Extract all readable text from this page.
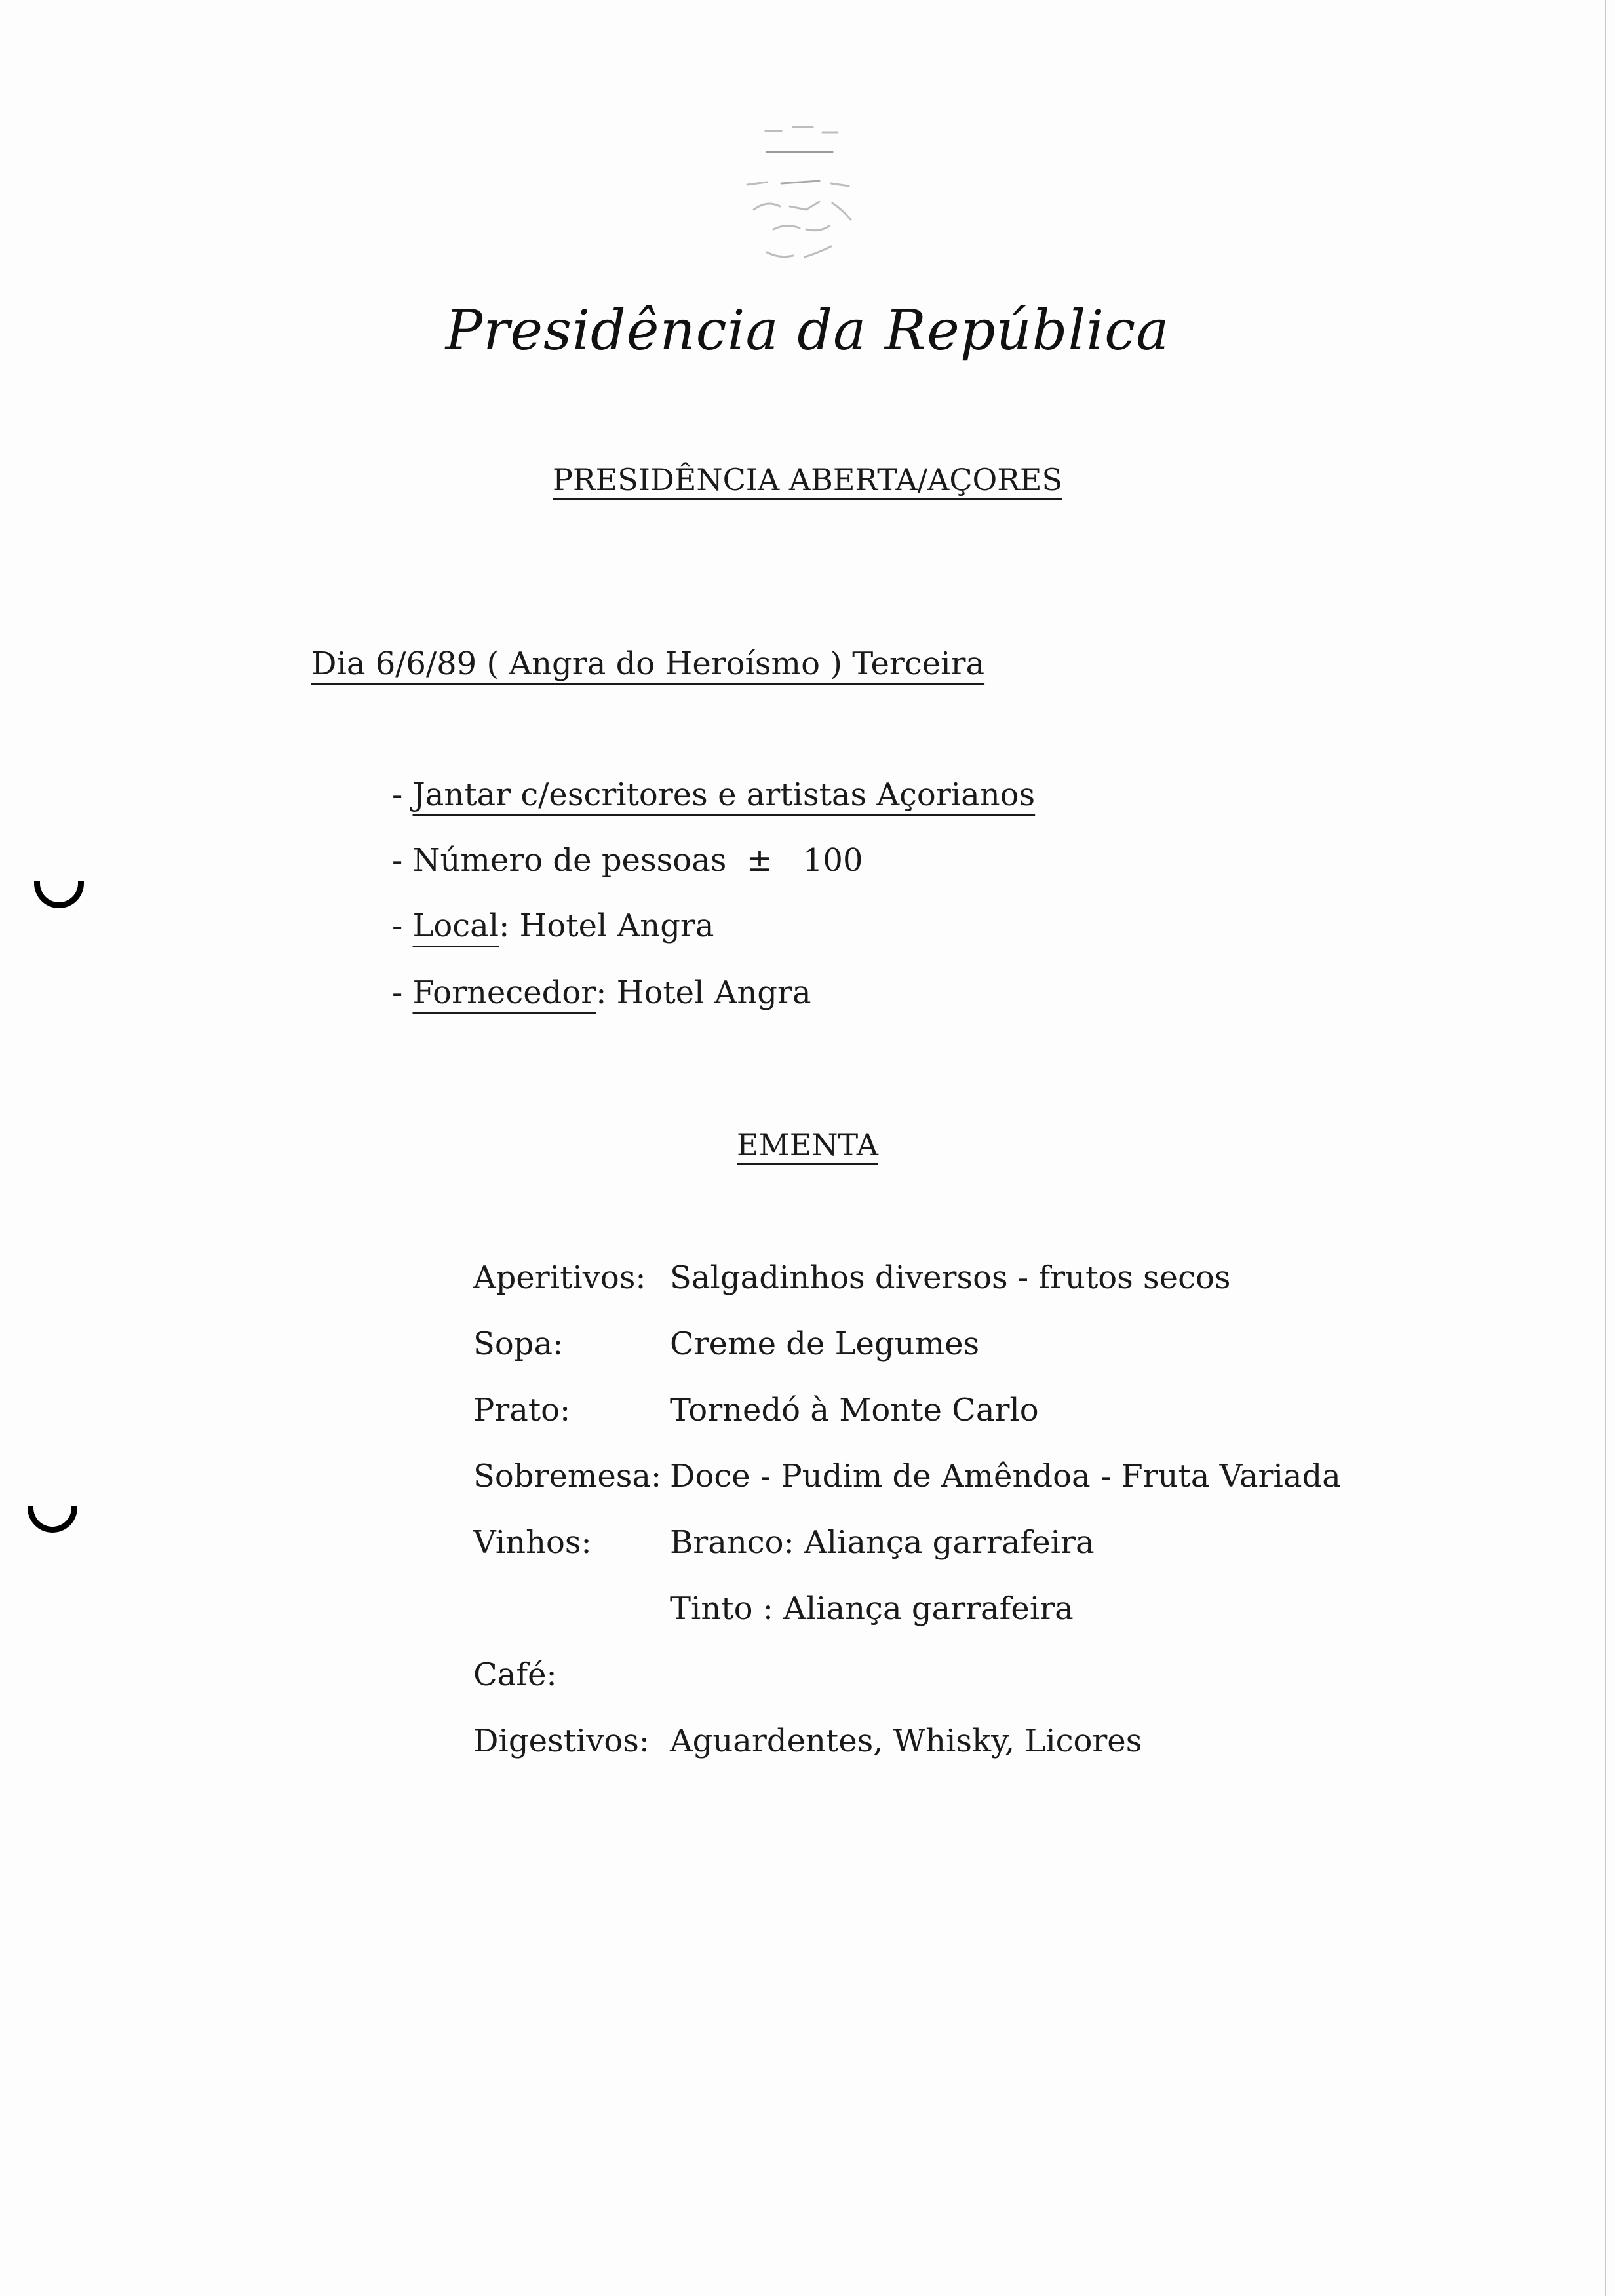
Presidência da República
PRESIDÊNCIA ABERTA/AÇORES
Dia 6/6/89 ( Angra do Heroísmo ) Terceira
- Jantar c/escritores e artistas Açorianos
- Número de pessoas ± 100
- Local: Hotel Angra
- Fornecedor: Hotel Angra
EMENTA
Aperitivos: Salgadinhos diversos - frutos secos
Sopa:	Creme de Legumes
Prato:	Tornedó à Monte Carlo
Sobremesa: Doce - Pudim de Amêndoa - Fruta Variada
Vinhos: Branco: Aliança garrafeira
Tinto : Aliança garrafeira
Café:
Digestivos: Aguardentes, Whisky, Licores
